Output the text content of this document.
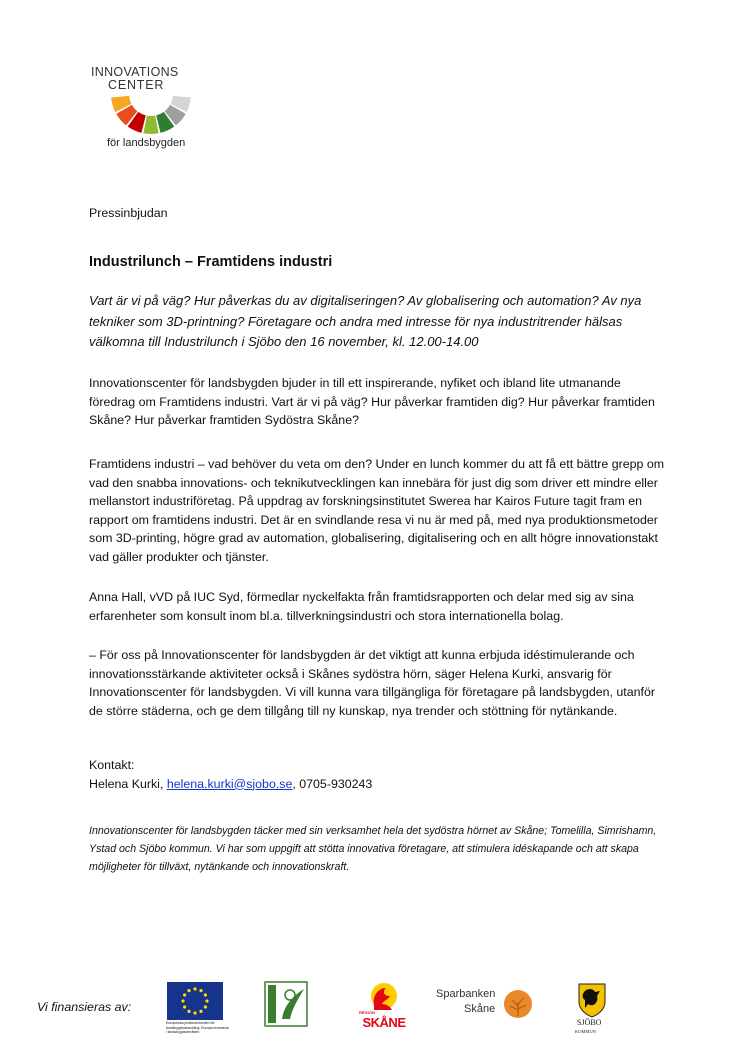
INNOVATIONS
CENTER
för landsbygden

Pressinbjudan

Industrilunch – Framtidens industri

Vart är vi på väg? Hur påverkas du av digitaliseringen? Av globalisering och automation? Av nya tekniker som 3D-printning? Företagare och andra med intresse för nya industritrender hälsas välkomna till Industrilunch i Sjöbo den 16 november, kl. 12.00-14.00

Innovationscenter för landsbygden bjuder in till ett inspirerande, nyfiket och ibland lite utmanande föredrag om Framtidens industri. Vart är vi på väg? Hur påverkar framtiden dig? Hur påverkar framtiden Skåne? Hur påverkar framtiden Sydöstra Skåne?

Framtidens industri – vad behöver du veta om den? Under en lunch kommer du att få ett bättre grepp om vad den snabba innovations- och teknikutvecklingen kan innebära för just dig som driver ett mindre eller mellanstort industriföretag. På uppdrag av forskningsinstitutet Swerea har Kairos Future tagit fram en rapport om framtidens industri. Det är en svindlande resa vi nu är med på, med nya produktionsmetoder som 3D-printing, högre grad av automation, globalisering, digitalisering och en allt högre innovationstakt vad gäller produkter och tjänster.

Anna Hall, vVD på IUC Syd, förmedlar nyckelfakta från framtidsrapporten och delar med sig av sina erfarenheter som konsult inom bl.a. tillverkningsindustri och stora internationella bolag.

– För oss på Innovationscenter för landsbygden är det viktigt att kunna erbjuda idéstimulerande och innovationsstärkande aktiviteter också i Skånes sydöstra hörn, säger Helena Kurki, ansvarig för Innovationscenter för landsbygden. Vi vill kunna vara tillgängliga för företagare på landsbygden, utanför de större städerna, och ge dem tillgång till ny kunskap, nya trender och stöttning för nytänkande.

Kontakt:
Helena Kurki, helena.kurki@sjobo.se, 0705-930243

Innovationscenter för landsbygden täcker med sin verksamhet hela det sydöstra hörnet av Skåne; Tomelilla, Simrishamn, Ystad och Sjöbo kommun. Vi har som uppgift att stötta innovativa företagare, att stimulera idéskapande och att skapa möjligheter för tillväxt, nytänkande och innovationskraft.

Vi finansieras av:
Europeiska jordbruksfonden för landsbygdsutveckling: Europa investerar i landsbygdsområden
REGION
SKÅNE
Sparbanken
Skåne
SJÖBO
KOMMUN
